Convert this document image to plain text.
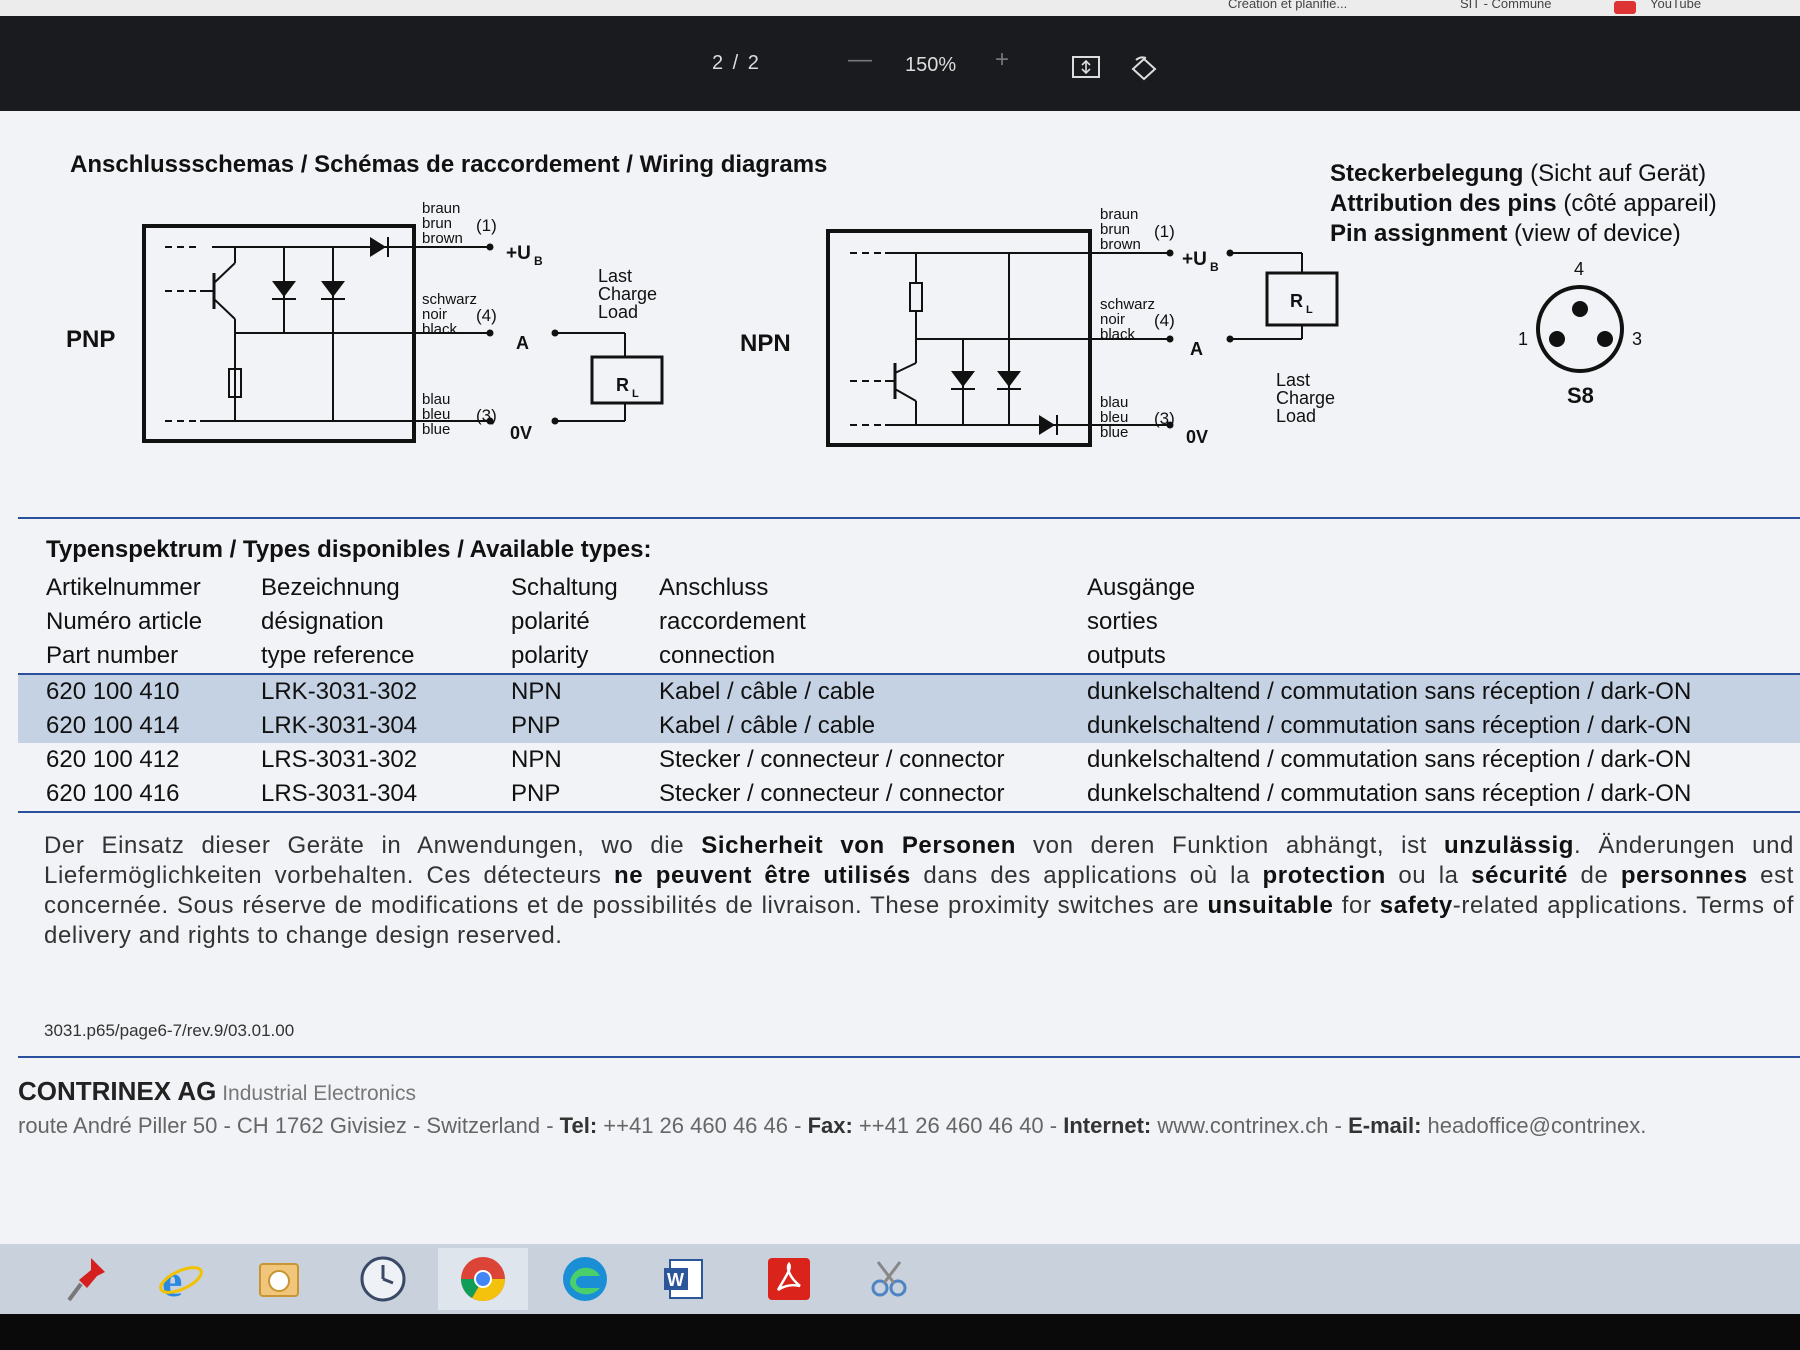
Création et planifié...	SIT - Commune	YouTube
2 / 2	— 150% +
Anschlussschemas / Schémas de raccordement / Wiring diagrams	Steckerbelegung (Sicht auf Gerät)
Attribution des pins (côté appareil)
Pin assignment (view of device)
PNP
braun
brun
brown
(1)
+U B
schwarz
noir
black
(4)
A
blau
bleu
blue
(3)
0V
Last
Charge
Load
R L
NPN
braun
brun
brown
(1)
+U B
schwarz
noir
black
(4)
A
blau
bleu
blue
(3)
0V
Last
Charge
Load
R L
4
1	3
S8
Typenspektrum / Types disponibles / Available types:
Artikelnummer	Bezeichnung	Schaltung	Anschluss	Ausgänge
Numéro article	désignation	polarité	raccordement	sorties
Part number	type reference	polarity	connection	outputs
620 100 410	LRK-3031-302	NPN	Kabel / câble / cable	dunkelschaltend / commutation sans réception / dark-ON
620 100 414	LRK-3031-304	PNP	Kabel / câble / cable	dunkelschaltend / commutation sans réception / dark-ON
620 100 412	LRS-3031-302	NPN	Stecker / connecteur / connector	dunkelschaltend / commutation sans réception / dark-ON
620 100 416	LRS-3031-304	PNP	Stecker / connecteur / connector	dunkelschaltend / commutation sans réception / dark-ON
Der Einsatz dieser Geräte in Anwendungen, wo die Sicherheit von Personen von deren Funktion abhängt, ist unzulässig. Änderungen und Liefermöglichkeiten vorbehalten. Ces détecteurs ne peuvent être utilisés dans des applications où la protection ou la sécurité de personnes est concernée. Sous réserve de modifications et de possibilités de livraison. These proximity switches are unsuitable for safety-related applications. Terms of delivery and rights to change design reserved.
3031.p65/page6-7/rev.9/03.01.00
CONTRINEX AG Industrial Electronics
route André Piller 50 - CH 1762 Givisiez - Switzerland - Tel: ++41 26 460 46 46 - Fax: ++41 26 460 46 40 - Internet: www.contrinex.ch - E-mail: headoffice@contrinex.
e	W
